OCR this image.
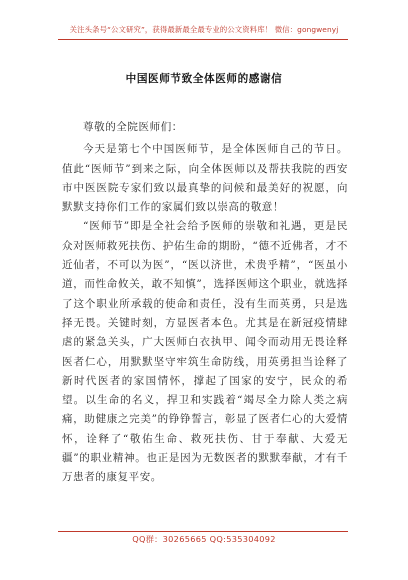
关注头条号“公文研究”，获得最新最全最专业的公文资料库！ 微信：gongwenyj
中国医师节致全体医师的感谢信

尊敬的全院医师们：

今天是第七个中国医师节，是全体医师自己的节日。值此“医师节”到来之际，向全体医师以及帮扶我院的西安市中医医院专家们致以最真挚的问候和最美好的祝愿，向默默支持你们工作的家属们致以崇高的敬意！

“医师节”即是全社会给予医师的崇敬和礼遇，更是民众对医师救死扶伤、护佑生命的期盼，“德不近佛者，才不近仙者，不可以为医”，“医以济世，术贵乎精”，“医虽小道，而性命攸关，敢不知慎”，选择医师这个职业，就选择了这个职业所承载的使命和责任，没有生而英勇，只是选择无畏。关键时刻，方显医者本色。尤其是在新冠疫情肆虐的紧急关头，广大医师白衣执甲、闻令而动用无畏诠释医者仁心，用默默坚守牢筑生命防线，用英勇担当诠释了新时代医者的家国情怀，撑起了国家的安宁，民众的希望。以生命的名义，捍卫和实践着“竭尽全力除人类之病痛，助健康之完美”的铮铮誓言，彰显了医者仁心的大爱情怀，诠释了“敬佑生命、救死扶伤、甘于奉献、大爱无疆”的职业精神。也正是因为无数医者的默默奉献，才有千万患者的康复平安。

QQ群：30265665 QQ:535304092
